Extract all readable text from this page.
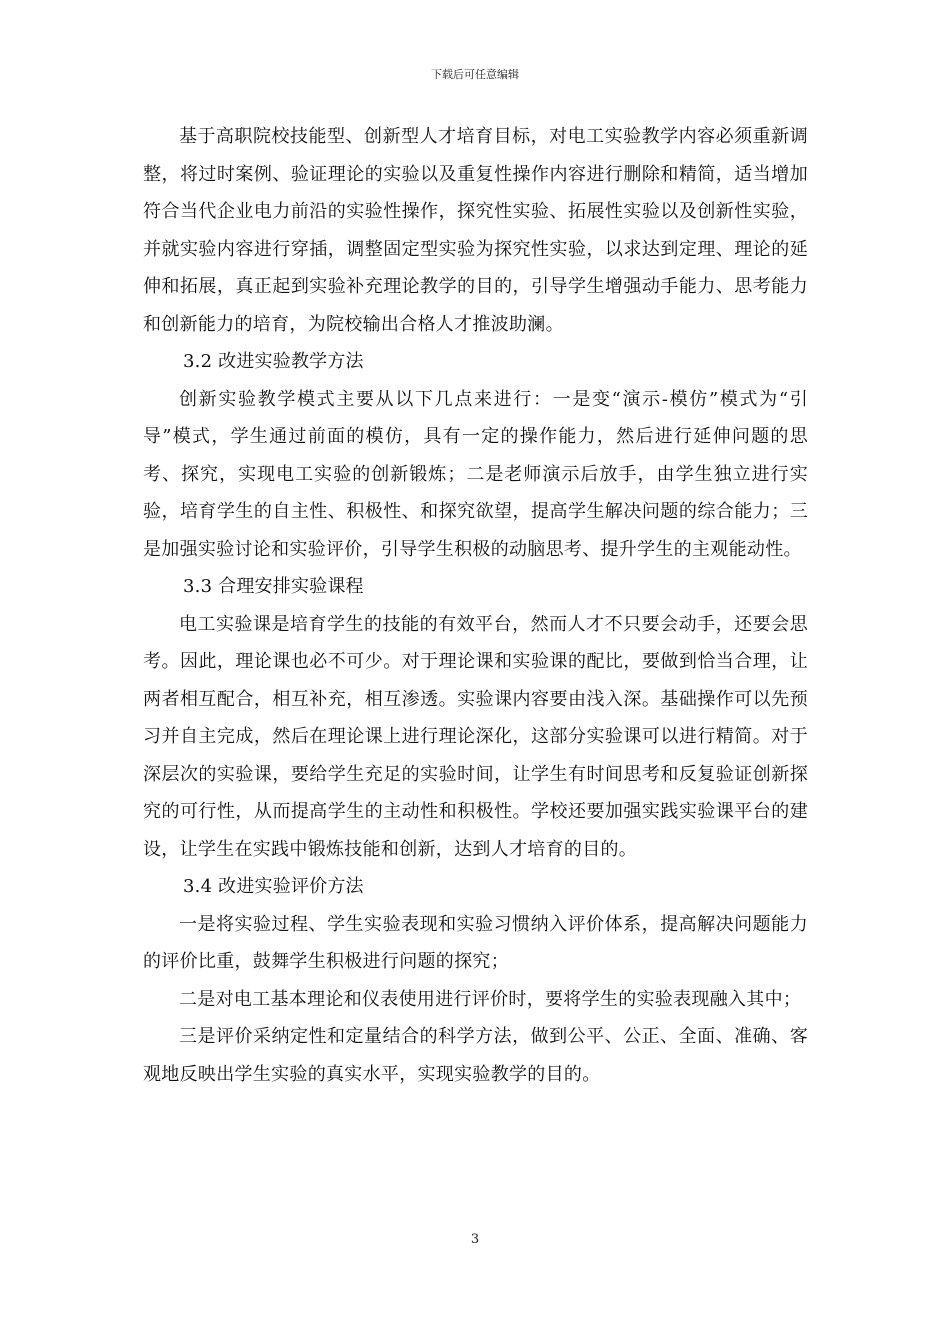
下载后可任意编辑

基于高职院校技能型、创新型人才培育目标，对电工实验教学内容必须重新调整，将过时案例、验证理论的实验以及重复性操作内容进行删除和精简，适当增加符合当代企业电力前沿的实验性操作，探究性实验、拓展性实验以及创新性实验，并就实验内容进行穿插，调整固定型实验为探究性实验，以求达到定理、理论的延伸和拓展，真正起到实验补充理论教学的目的，引导学生增强动手能力、思考能力和创新能力的培育，为院校输出合格人才推波助澜。

3.2 改进实验教学方法

创新实验教学模式主要从以下几点来进行：一是变“演示-模仿”模式为“引导”模式，学生通过前面的模仿，具有一定的操作能力，然后进行延伸问题的思考、探究，实现电工实验的创新锻炼；二是老师演示后放手，由学生独立进行实验，培育学生的自主性、积极性、和探究欲望，提高学生解决问题的综合能力；三是加强实验讨论和实验评价，引导学生积极的动脑思考、提升学生的主观能动性。

3.3 合理安排实验课程

电工实验课是培育学生的技能的有效平台，然而人才不只要会动手，还要会思考。因此，理论课也必不可少。对于理论课和实验课的配比，要做到恰当合理，让两者相互配合，相互补充，相互渗透。实验课内容要由浅入深。基础操作可以先预习并自主完成，然后在理论课上进行理论深化，这部分实验课可以进行精简。对于深层次的实验课，要给学生充足的实验时间，让学生有时间思考和反复验证创新探究的可行性，从而提高学生的主动性和积极性。学校还要加强实践实验课平台的建设，让学生在实践中锻炼技能和创新，达到人才培育的目的。

3.4 改进实验评价方法

一是将实验过程、学生实验表现和实验习惯纳入评价体系，提高解决问题能力的评价比重，鼓舞学生积极进行问题的探究；

二是对电工基本理论和仪表使用进行评价时，要将学生的实验表现融入其中；

三是评价采纳定性和定量结合的科学方法，做到公平、公正、全面、准确、客观地反映出学生实验的真实水平，实现实验教学的目的。

3
